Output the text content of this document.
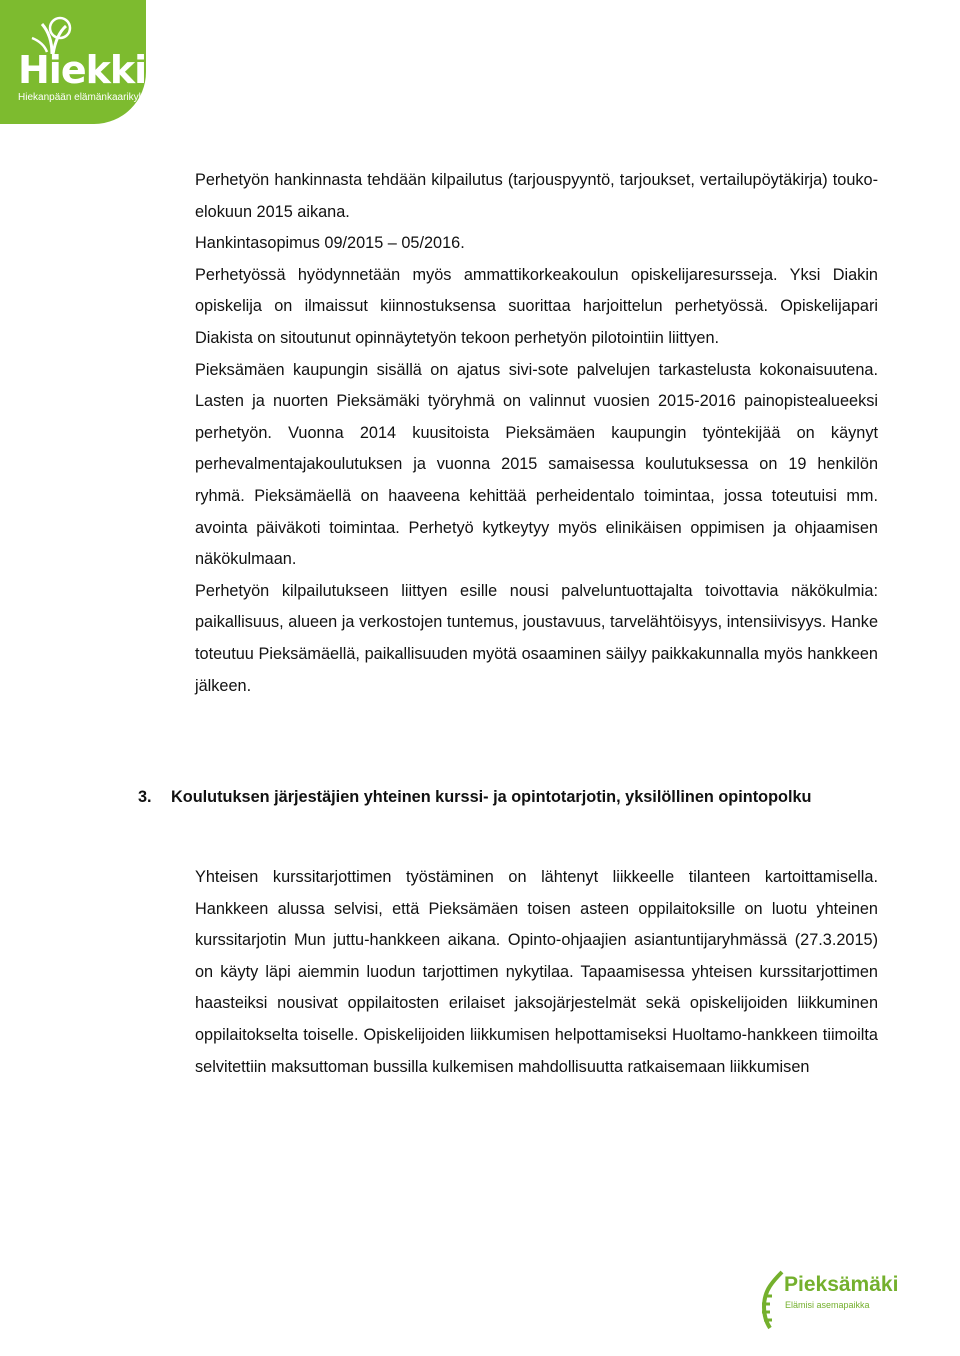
Hiekkis
Hiekanpään elämänkaarikylä

Perhetyön hankinnasta tehdään kilpailutus (tarjouspyyntö, tarjoukset, vertailupöytäkirja) touko-elokuun 2015 aikana.

Hankintasopimus 09/2015 – 05/2016.

Perhetyössä hyödynnetään myös ammattikorkeakoulun opiskelijaresursseja. Yksi Diakin opiskelija on ilmaissut kiinnostuksensa suorittaa harjoittelun perhetyössä. Opiskelijapari Diakista on sitoutunut opinnäytetyön tekoon perhetyön pilotointiin liittyen.

Pieksämäen kaupungin sisällä on ajatus sivi-sote palvelujen tarkastelusta kokonaisuutena. Lasten ja nuorten Pieksämäki työryhmä on valinnut vuosien 2015-2016 painopistealueeksi perhetyön. Vuonna 2014 kuusitoista Pieksämäen kaupungin työntekijää on käynyt perhevalmentajakoulutuksen ja vuonna 2015 samaisessa koulutuksessa on 19 henkilön ryhmä. Pieksämäellä on haaveena kehittää perheidentalo toimintaa, jossa toteutuisi mm. avointa päiväkoti toimintaa. Perhetyö kytkeytyy myös elinikäisen oppimisen ja ohjaamisen näkökulmaan.

Perhetyön kilpailutukseen liittyen esille nousi palveluntuottajalta toivottavia näkökulmia: paikallisuus, alueen ja verkostojen tuntemus, joustavuus, tarvelähtöisyys, intensiivisyys. Hanke toteutuu Pieksämäellä, paikallisuuden myötä osaaminen säilyy paikkakunnalla myös hankkeen jälkeen.

3. Koulutuksen järjestäjien yhteinen kurssi- ja opintotarjotin, yksilöllinen opintopolku

Yhteisen kurssitarjottimen työstäminen on lähtenyt liikkeelle tilanteen kartoittamisella. Hankkeen alussa selvisi, että Pieksämäen toisen asteen oppilaitoksille on luotu yhteinen kurssitarjotin Mun juttu-hankkeen aikana. Opinto-ohjaajien asiantuntijaryhmässä (27.3.2015) on käyty läpi aiemmin luodun tarjottimen nykytilaa. Tapaamisessa yhteisen kurssitarjottimen haasteiksi nousivat oppilaitosten erilaiset jaksojärjestelmät sekä opiskelijoiden liikkuminen oppilaitokselta toiselle. Opiskelijoiden liikkumisen helpottamiseksi Huoltamo-hankkeen tiimoilta selvitettiin maksuttoman bussilla kulkemisen mahdollisuutta ratkaisemaan liikkumisen

Pieksämäki
Elämisi asemapaikka
